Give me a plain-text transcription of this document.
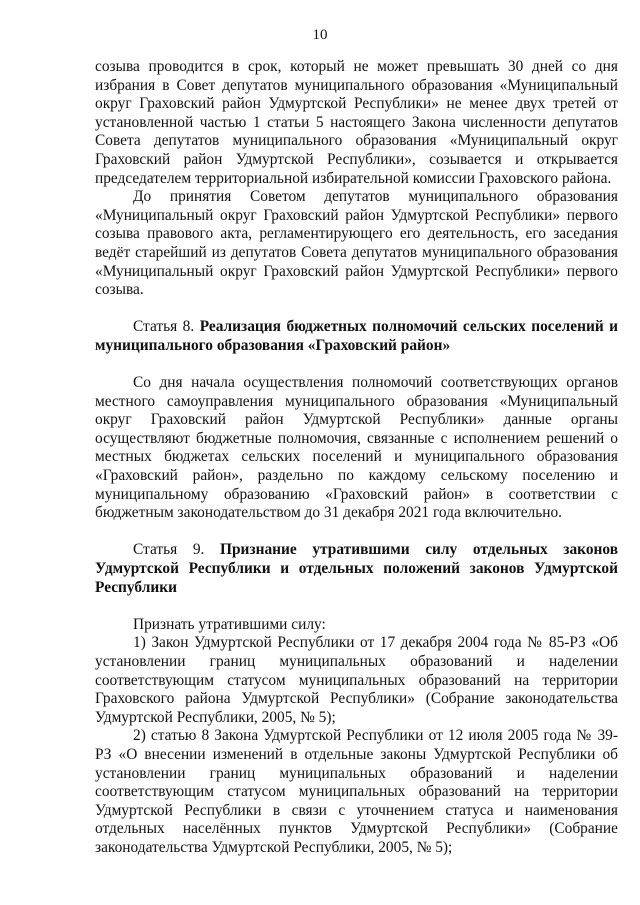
10

созыва проводится в срок, который не может превышать 30 дней со дня избрания в Совет депутатов муниципального образования «Муниципальный округ Граховский район Удмуртской Республики» не менее двух третей от установленной частью 1 статьи 5 настоящего Закона численности депутатов Совета депутатов муниципального образования «Муниципальный округ Граховский район Удмуртской Республики», созывается и открывается председателем территориальной избирательной комиссии Граховского района.

До принятия Советом депутатов муниципального образования «Муниципальный округ Граховский район Удмуртской Республики» первого созыва правового акта, регламентирующего его деятельность, его заседания ведёт старейший из депутатов Совета депутатов муниципального образования «Муниципальный округ Граховский район Удмуртской Республики» первого созыва.

Статья 8. Реализация бюджетных полномочий сельских поселений и муниципального образования «Граховский район»

Со дня начала осуществления полномочий соответствующих органов местного самоуправления муниципального образования «Муниципальный округ Граховский район Удмуртской Республики» данные органы осуществляют бюджетные полномочия, связанные с исполнением решений о местных бюджетах сельских поселений и муниципального образования «Граховский район», раздельно по каждому сельскому поселению и муниципальному образованию «Граховский район» в соответствии с бюджетным законодательством до 31 декабря 2021 года включительно.

Статья 9. Признание утратившими силу отдельных законов Удмуртской Республики и отдельных положений законов Удмуртской Республики

Признать утратившими силу:

1) Закон Удмуртской Республики от 17 декабря 2004 года № 85-РЗ «Об установлении границ муниципальных образований и наделении соответствующим статусом муниципальных образований на территории Граховского района Удмуртской Республики» (Собрание законодательства Удмуртской Республики, 2005, № 5);

2) статью 8 Закона Удмуртской Республики от 12 июля 2005 года № 39-РЗ «О внесении изменений в отдельные законы Удмуртской Республики об установлении границ муниципальных образований и наделении соответствующим статусом муниципальных образований на территории Удмуртской Республики в связи с уточнением статуса и наименования отдельных населённых пунктов Удмуртской Республики» (Собрание законодательства Удмуртской Республики, 2005, № 5);
